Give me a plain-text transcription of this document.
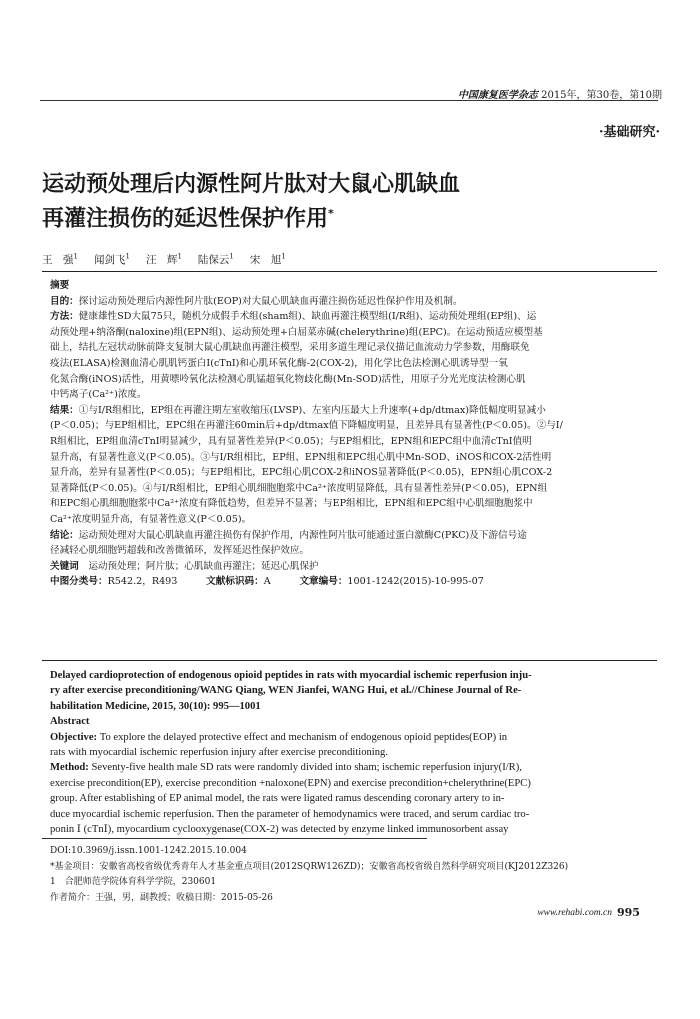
中国康复医学杂志 2015年，第30卷，第10期
·基础研究·
运动预处理后内源性阿片肽对大鼠心肌缺血
再灌注损伤的延迟性保护作用*
王　强$^1$ 闻剑飞$^1$ 汪　辉$^1$ 陆保云$^1$ 宋　旭$^1$
摘要
目的：探讨运动预处理后内源性阿片肽(EOP)对大鼠心肌缺血再灌注损伤延迟性保护作用及机制。
方法：健康雄性SD大鼠75只，随机分成假手术组(sham组)、缺血再灌注模型组(I/R组)、运动预处理组(EP组)、运
动预处理+纳洛酮(naloxine)组(EPN组)、运动预处理+白屈菜赤碱(chelerythrine)组(EPC)。在运动预适应模型基
础上，结扎左冠状动脉前降支复制大鼠心肌缺血再灌注模型，采用多道生理记录仪描记血流动力学参数，用酶联免
疫法(ELASA)检测血清心肌肌钙蛋白Ⅰ(cTnⅠ)和心肌环氧化酶-2(COX-2)，用化学比色法检测心肌诱导型一氧
化氮合酶(iNOS)活性，用黄嘌呤氧化法检测心肌锰超氧化物歧化酶(Mn-SOD)活性，用原子分光光度法检测心肌
中钙离子(Ca²⁺)浓度。
结果：①与I/R组相比，EP组在再灌注期左室收缩压(LVSP)、左室内压最大上升速率(+dp/dtmax)降低幅度明显减小
(P＜0.05)；与EP组相比，EPC组在再灌注60min后+dp/dtmax值下降幅度明显，且差异具有显著性(P＜0.05)。②与I/
R组相比，EP组血清cTnⅠ明显减少，具有显著性差异(P＜0.05)；与EP组相比，EPN组和EPC组中血清cTnⅠ值明
显升高，有显著性意义(P＜0.05)。③与I/R组相比，EP组、EPN组和EPC组心肌中Mn-SOD、iNOS和COX-2活性明
显升高，差异有显著性(P＜0.05)；与EP组相比，EPC组心肌COX-2和iNOS显著降低(P＜0.05)，EPN组心肌COX-2
显著降低(P＜0.05)。④与I/R组相比，EP组心肌细胞胞浆中Ca²⁺浓度明显降低，具有显著性差异(P＜0.05)，EPN组
和EPC组心肌细胞胞浆中Ca²⁺浓度有降低趋势，但差异不显著；与EP组相比，EPN组和EPC组中心肌细胞胞浆中
Ca²⁺浓度明显升高，有显著性意义(P＜0.05)。
结论：运动预处理对大鼠心肌缺血再灌注损伤有保护作用，内源性阿片肽可能通过蛋白激酶C(PKC)及下游信号途
径减轻心肌细胞钙超载和改善微循环，发挥延迟性保护效应。
关键词　运动预处理；阿片肽；心肌缺血再灌注；延迟心肌保护
中图分类号：R542.2，R493　　　	文献标识码：A　　　	文章编号：1001-1242(2015)-10-995-07
Delayed cardioprotection of endogenous opioid peptides in rats with myocardial ischemic reperfusion inju-
ry after exercise preconditioning/WANG Qiang, WEN Jianfei, WANG Hui, et al.//Chinese Journal of Re-
habilitation Medicine, 2015, 30(10): 995—1001
Abstract
Objective: To explore the delayed protective effect and mechanism of endogenous opioid peptides(EOP) in
rats with myocardial ischemic reperfusion injury after exercise preconditioning.
Method: Seventy-five health male SD rats were randomly divided into sham; ischemic reperfusion injury(I/R),
exercise precondition(EP), exercise precondition +naloxone(EPN) and exercise precondition+chelerythrine(EPC)
group. After establishing of EP animal model, the rats were ligated ramus descending coronary artery to in-
duce myocardial ischemic reperfusion. Then the parameter of hemodynamics were traced, and serum cardiac tro-
ponin Ⅰ (cTnⅠ), myocardium cyclooxygenase(COX-2) was detected by enzyme linked immunosorbent assay
DOI:10.3969/j.issn.1001-1242.2015.10.004
*基金项目：安徽省高校省级优秀青年人才基金重点项目(2012SQRW126ZD)；安徽省高校省级自然科学研究项目(KJ2012Z326)
1　合肥师范学院体育科学学院，230601
作者简介：王强，男，副教授；收稿日期：2015-05-26
www.rehabi.com.cn 995
